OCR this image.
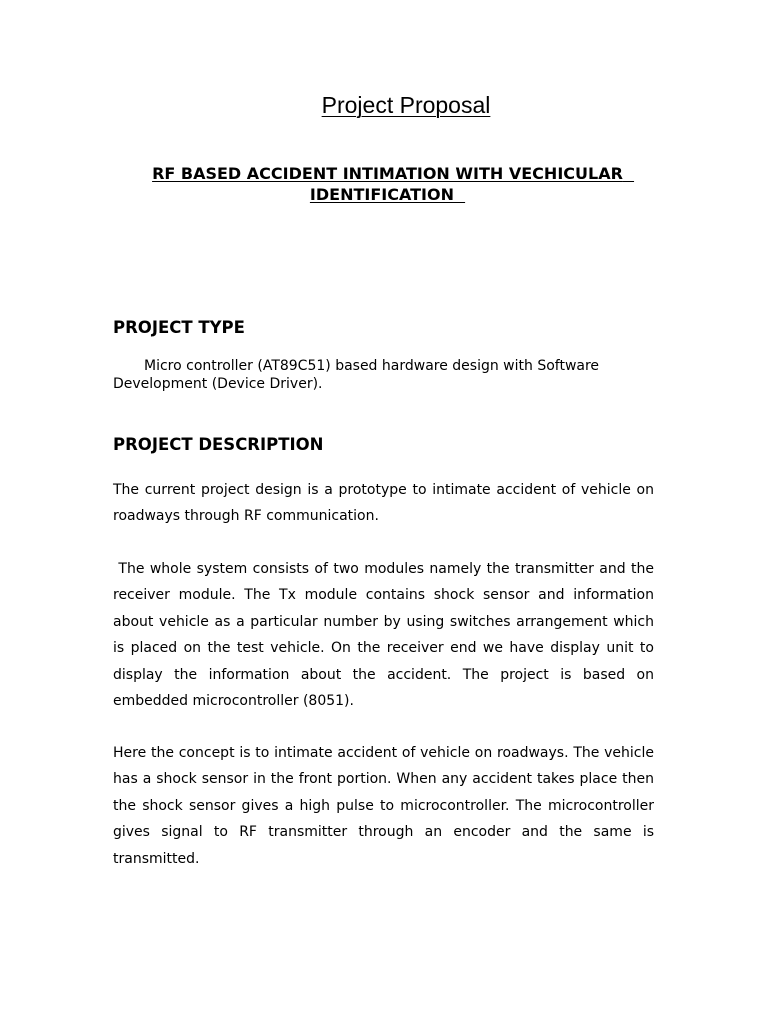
Project Proposal
RF BASED ACCIDENT INTIMATION WITH VECHICULAR  IDENTIFICATION
PROJECT TYPE
Micro controller (AT89C51) based hardware design with Software Development (Device Driver).
PROJECT DESCRIPTION
The current project design is a prototype to intimate accident of vehicle on roadways through RF communication.
The whole system consists of two modules namely the transmitter and the receiver module. The Tx module contains shock sensor and information about vehicle as a particular number by using switches arrangement which is placed on the test vehicle. On the receiver end we have display unit to display the information about the accident. The project is based on embedded microcontroller (8051).
Here the concept is to intimate accident of vehicle on roadways. The vehicle has a shock sensor in the front portion. When any accident takes place then the shock sensor gives a high pulse to microcontroller. The microcontroller gives signal to RF transmitter through an encoder and the same is transmitted.
